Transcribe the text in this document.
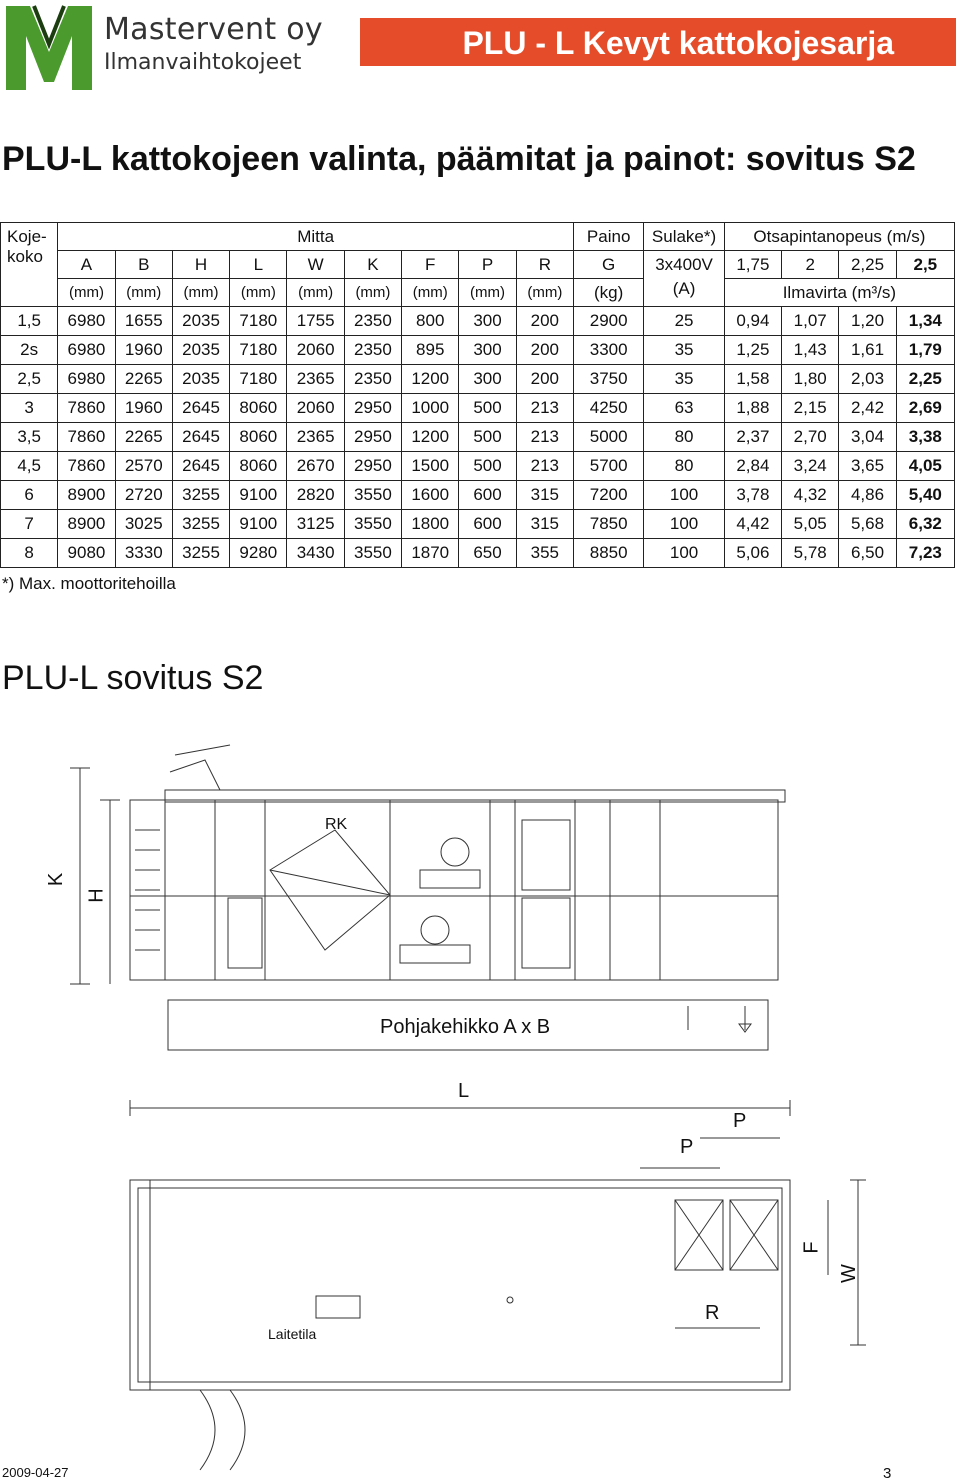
Mastervent oy
Ilmanvaihtokojeet
PLU - L Kevyt kattokojesarja
PLU-L kattokojeen valinta, päämitat ja painot: sovitus S2
Koje-koko	Mitta									Paino	Sulake*)	Otsapintanopeus (m/s)			
	A	B	H	L	W	K	F	P	R	G	3x400V	1,75	2	2,25	2,5
	(mm)	(mm)	(mm)	(mm)	(mm)	(mm)	(mm)	(mm)	(mm)	(kg)	(A)	Ilmavirta (m³/s)			
1,5	6980	1655	2035	7180	1755	2350	800	300	200	2900	25	0,94	1,07	1,20	1,34
2s	6980	1960	2035	7180	2060	2350	895	300	200	3300	35	1,25	1,43	1,61	1,79
2,5	6980	2265	2035	7180	2365	2350	1200	300	200	3750	35	1,58	1,80	2,03	2,25
3	7860	1960	2645	8060	2060	2950	1000	500	213	4250	63	1,88	2,15	2,42	2,69
3,5	7860	2265	2645	8060	2365	2950	1200	500	213	5000	80	2,37	2,70	3,04	3,38
4,5	7860	2570	2645	8060	2670	2950	1500	500	213	5700	80	2,84	3,24	3,65	4,05
6	8900	2720	3255	9100	2820	3550	1600	600	315	7200	100	3,78	4,32	4,86	5,40
7	8900	3025	3255	9100	3125	3550	1800	600	315	7850	100	4,42	5,05	5,68	6,32
8	9080	3330	3255	9280	3430	3550	1870	650	355	8850	100	5,06	5,78	6,50	7,23
*) Max. moottoritehoilla
PLU-L sovitus S2
K
H
RK
Pohjakehikko A x B
L
P
P
F
W
R
Laitetila
2009-04-27	3
